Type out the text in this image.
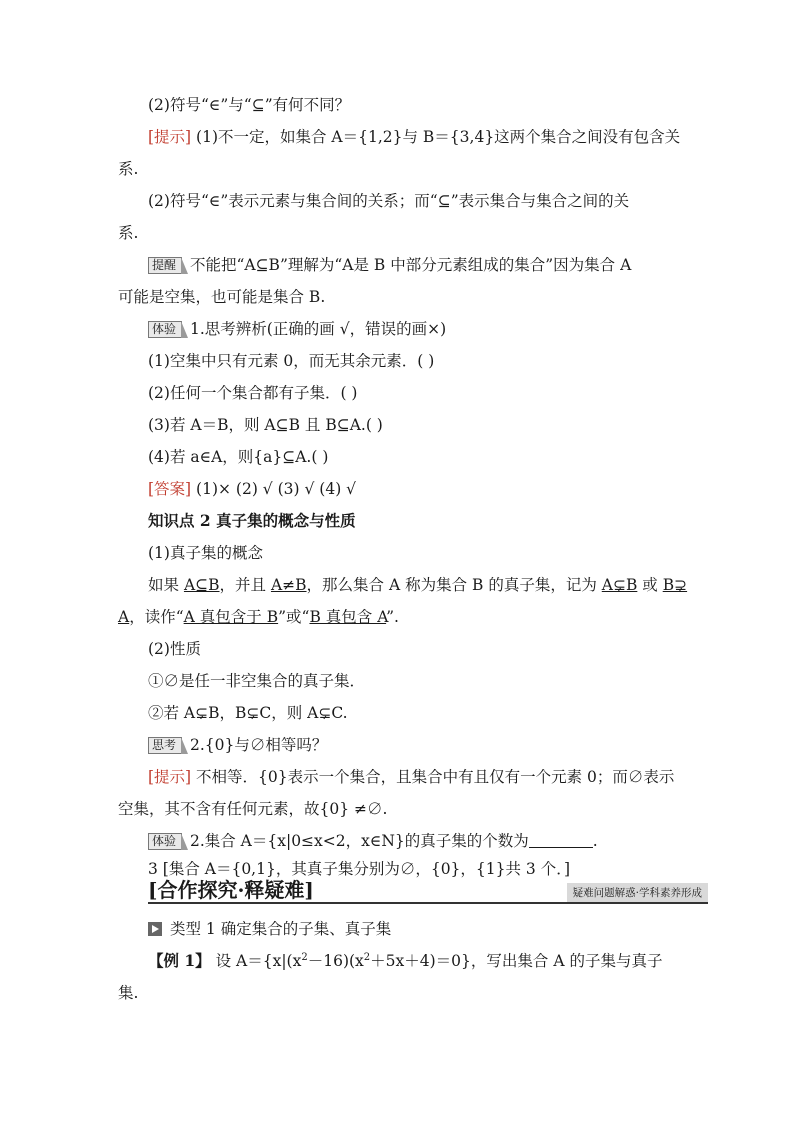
(2)符号“∈”与“⊆”有何不同？
[提示] (1)不一定，如集合 A＝{1,2}与 B＝{3,4}这两个集合之间没有包含关
系.
(2)符号“∈”表示元素与集合间的关系；而“⊆”表示集合与集合之间的关
系.
提醒 不能把“A⊆B”理解为“A是 B 中部分元素组成的集合”因为集合 A
可能是空集，也可能是集合 B.
体验 1.思考辨析(正确的画 √，错误的画×)
(1)空集中只有元素 0，而无其余元素．( )
(2)任何一个集合都有子集．( )
(3)若 A＝B，则 A⊆B 且 B⊆A.( )
(4)若 a∈A，则{a}⊆A.( )
[答案] (1)× (2) √ (3) √ (4) √
知识点 2 真子集的概念与性质
(1)真子集的概念
如果 A⊆B，并且 A≠B，那么集合 A 称为集合 B 的真子集，记为 A⊊B 或 B⊋
A，读作“A 真包含于 B”或“B 真包含 A”.
(2)性质
①∅是任一非空集合的真子集．
②若 A⊊B，B⊊C，则 A⊊C.
思考 2.{0}与∅相等吗？
[提示] 不相等．{0}表示一个集合，且集合中有且仅有一个元素 0；而∅表示
空集，其不含有任何元素，故{0} ≠∅.
体验 2.集合 A＝{x|0≤x<2，x∈N}的真子集的个数为	.
3 [集合 A＝{0,1}，其真子集分别为∅，{0}，{1}共 3 个．]
[合作探究·释疑难]	疑难问题解惑·学科素养形成
类型 1 确定集合的子集、真子集
【例 1】 设 $A=\{x|(x^2-16)(x^2+5x+4)=0\}$，写出集合 A 的子集与真子
集.
